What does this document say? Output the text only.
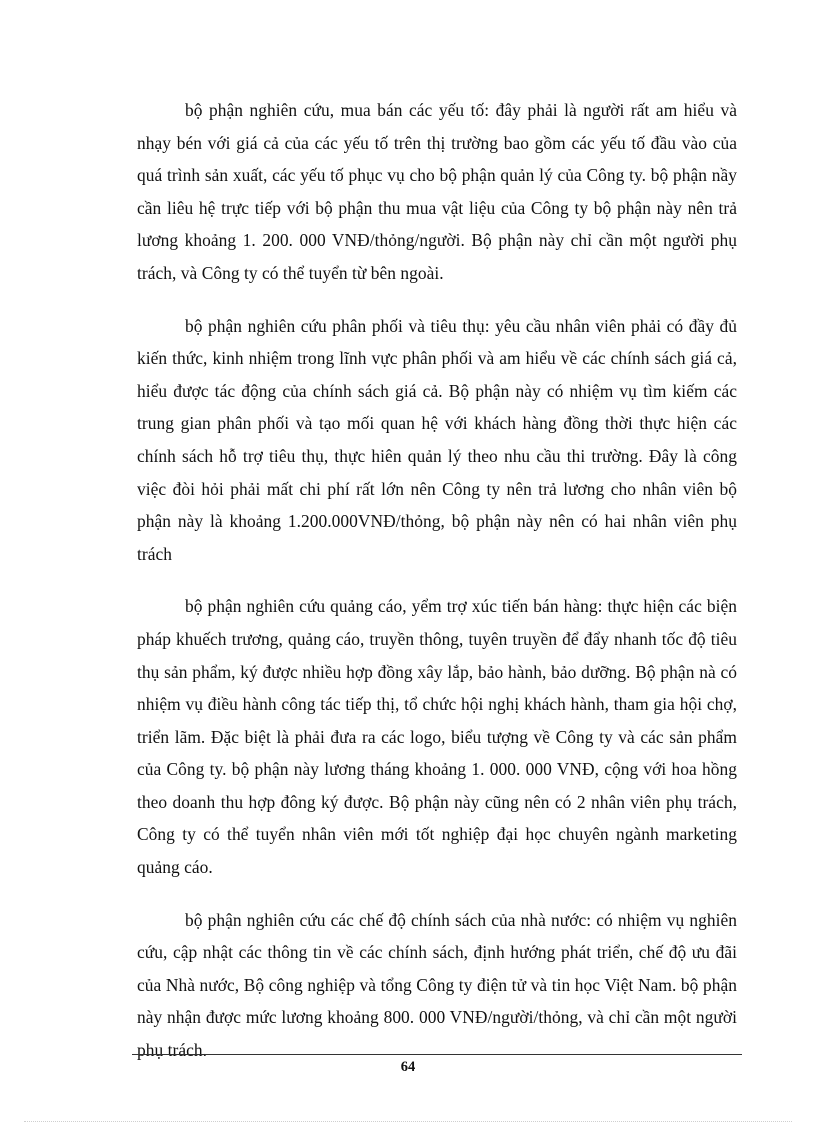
bộ phận nghiên cứu, mua bán các yếu tố: đây phải là người rất am hiểu và nhạy bén với giá cả của các yếu tố trên thị trường bao gồm các yếu tố đầu vào của quá trình sản xuất, các yếu tố phục vụ cho bộ phận quản lý của Công ty. bộ phận nầy cần liêu hệ trực tiếp với bộ phận thu mua vật liệu của Công ty bộ phận này nên trả lương khoảng 1. 200. 000 VNĐ/thỏng/người. Bộ phận này chỉ cần một người phụ trách, và Công ty có thể tuyển từ bên ngoài.

bộ phận nghiên cứu phân phối và tiêu thụ: yêu cầu nhân viên phải có đầy đủ kiến thức, kinh nhiệm trong lĩnh vực phân phối và am hiểu về các chính sách giá cả, hiểu được tác động của chính sách giá cả. Bộ phận này có nhiệm vụ tìm kiếm các trung gian phân phối và tạo mối quan hệ với khách hàng đồng thời thực hiện các chính sách hỗ trợ tiêu thụ, thực hiên quản lý theo nhu cầu thi trường. Đây là công việc đòi hỏi phải mất chi phí rất lớn nên Công ty nên trả lương cho nhân viên bộ phận này là khoảng 1.200.000VNĐ/thỏng, bộ phận này nên có hai nhân viên phụ trách

bộ phận nghiên cứu quảng cáo, yểm trợ xúc tiến bán hàng: thực hiện các biện pháp khuếch trương, quảng cáo, truyền thông, tuyên truyền để đẩy nhanh tốc độ tiêu thụ sản phẩm, ký được nhiều hợp đồng xây lắp, bảo hành, bảo dưỡng. Bộ phận nà có nhiệm vụ điều hành công tác tiếp thị, tổ chức hội nghị khách hành, tham gia hội chợ, triển lãm. Đặc biệt là phải đưa ra các logo, biểu tượng về Công ty và các sản phẩm của Công ty. bộ phận này lương tháng khoảng 1. 000. 000 VNĐ, cộng với hoa hồng theo doanh thu hợp đông ký được. Bộ phận này cũng nên có 2 nhân viên phụ trách, Công ty có thể tuyển nhân viên mới tốt nghiệp đại học chuyên ngành marketing quảng cáo.

bộ phận nghiên cứu các chế độ chính sách của nhà nước: có nhiệm vụ nghiên cứu, cập nhật các thông tin về các chính sách, định hướng phát triển, chế độ ưu đãi của Nhà nước, Bộ công nghiệp và tổng Công ty điện tử và tin học Việt Nam. bộ phận này nhận được mức lương khoảng 800. 000 VNĐ/người/thỏng, và chỉ cần một người phụ trách.

64
